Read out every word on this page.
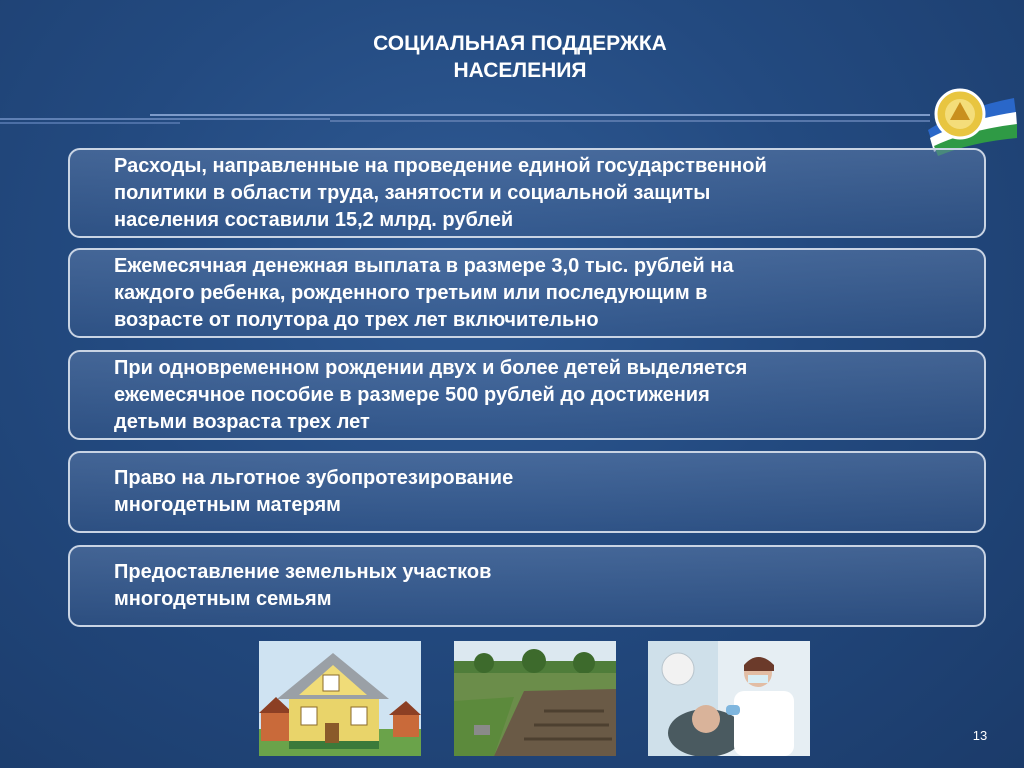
СОЦИАЛЬНАЯ ПОДДЕРЖКА
НАСЕЛЕНИЯ
Расходы, направленные на проведение единой государственной
политики в области труда, занятости и социальной защиты
населения составили 15,2 млрд. рублей
Ежемесячная денежная выплата в размере 3,0 тыс. рублей на
каждого ребенка, рожденного третьим или последующим в
возрасте от полутора до трех лет включительно
При одновременном рождении двух и более детей выделяется
ежемесячное пособие в размере 500 рублей до достижения
детьми возраста трех лет
Право на льготное зубопротезирование
многодетным матерям
Предоставление земельных участков
многодетным семьям
13
